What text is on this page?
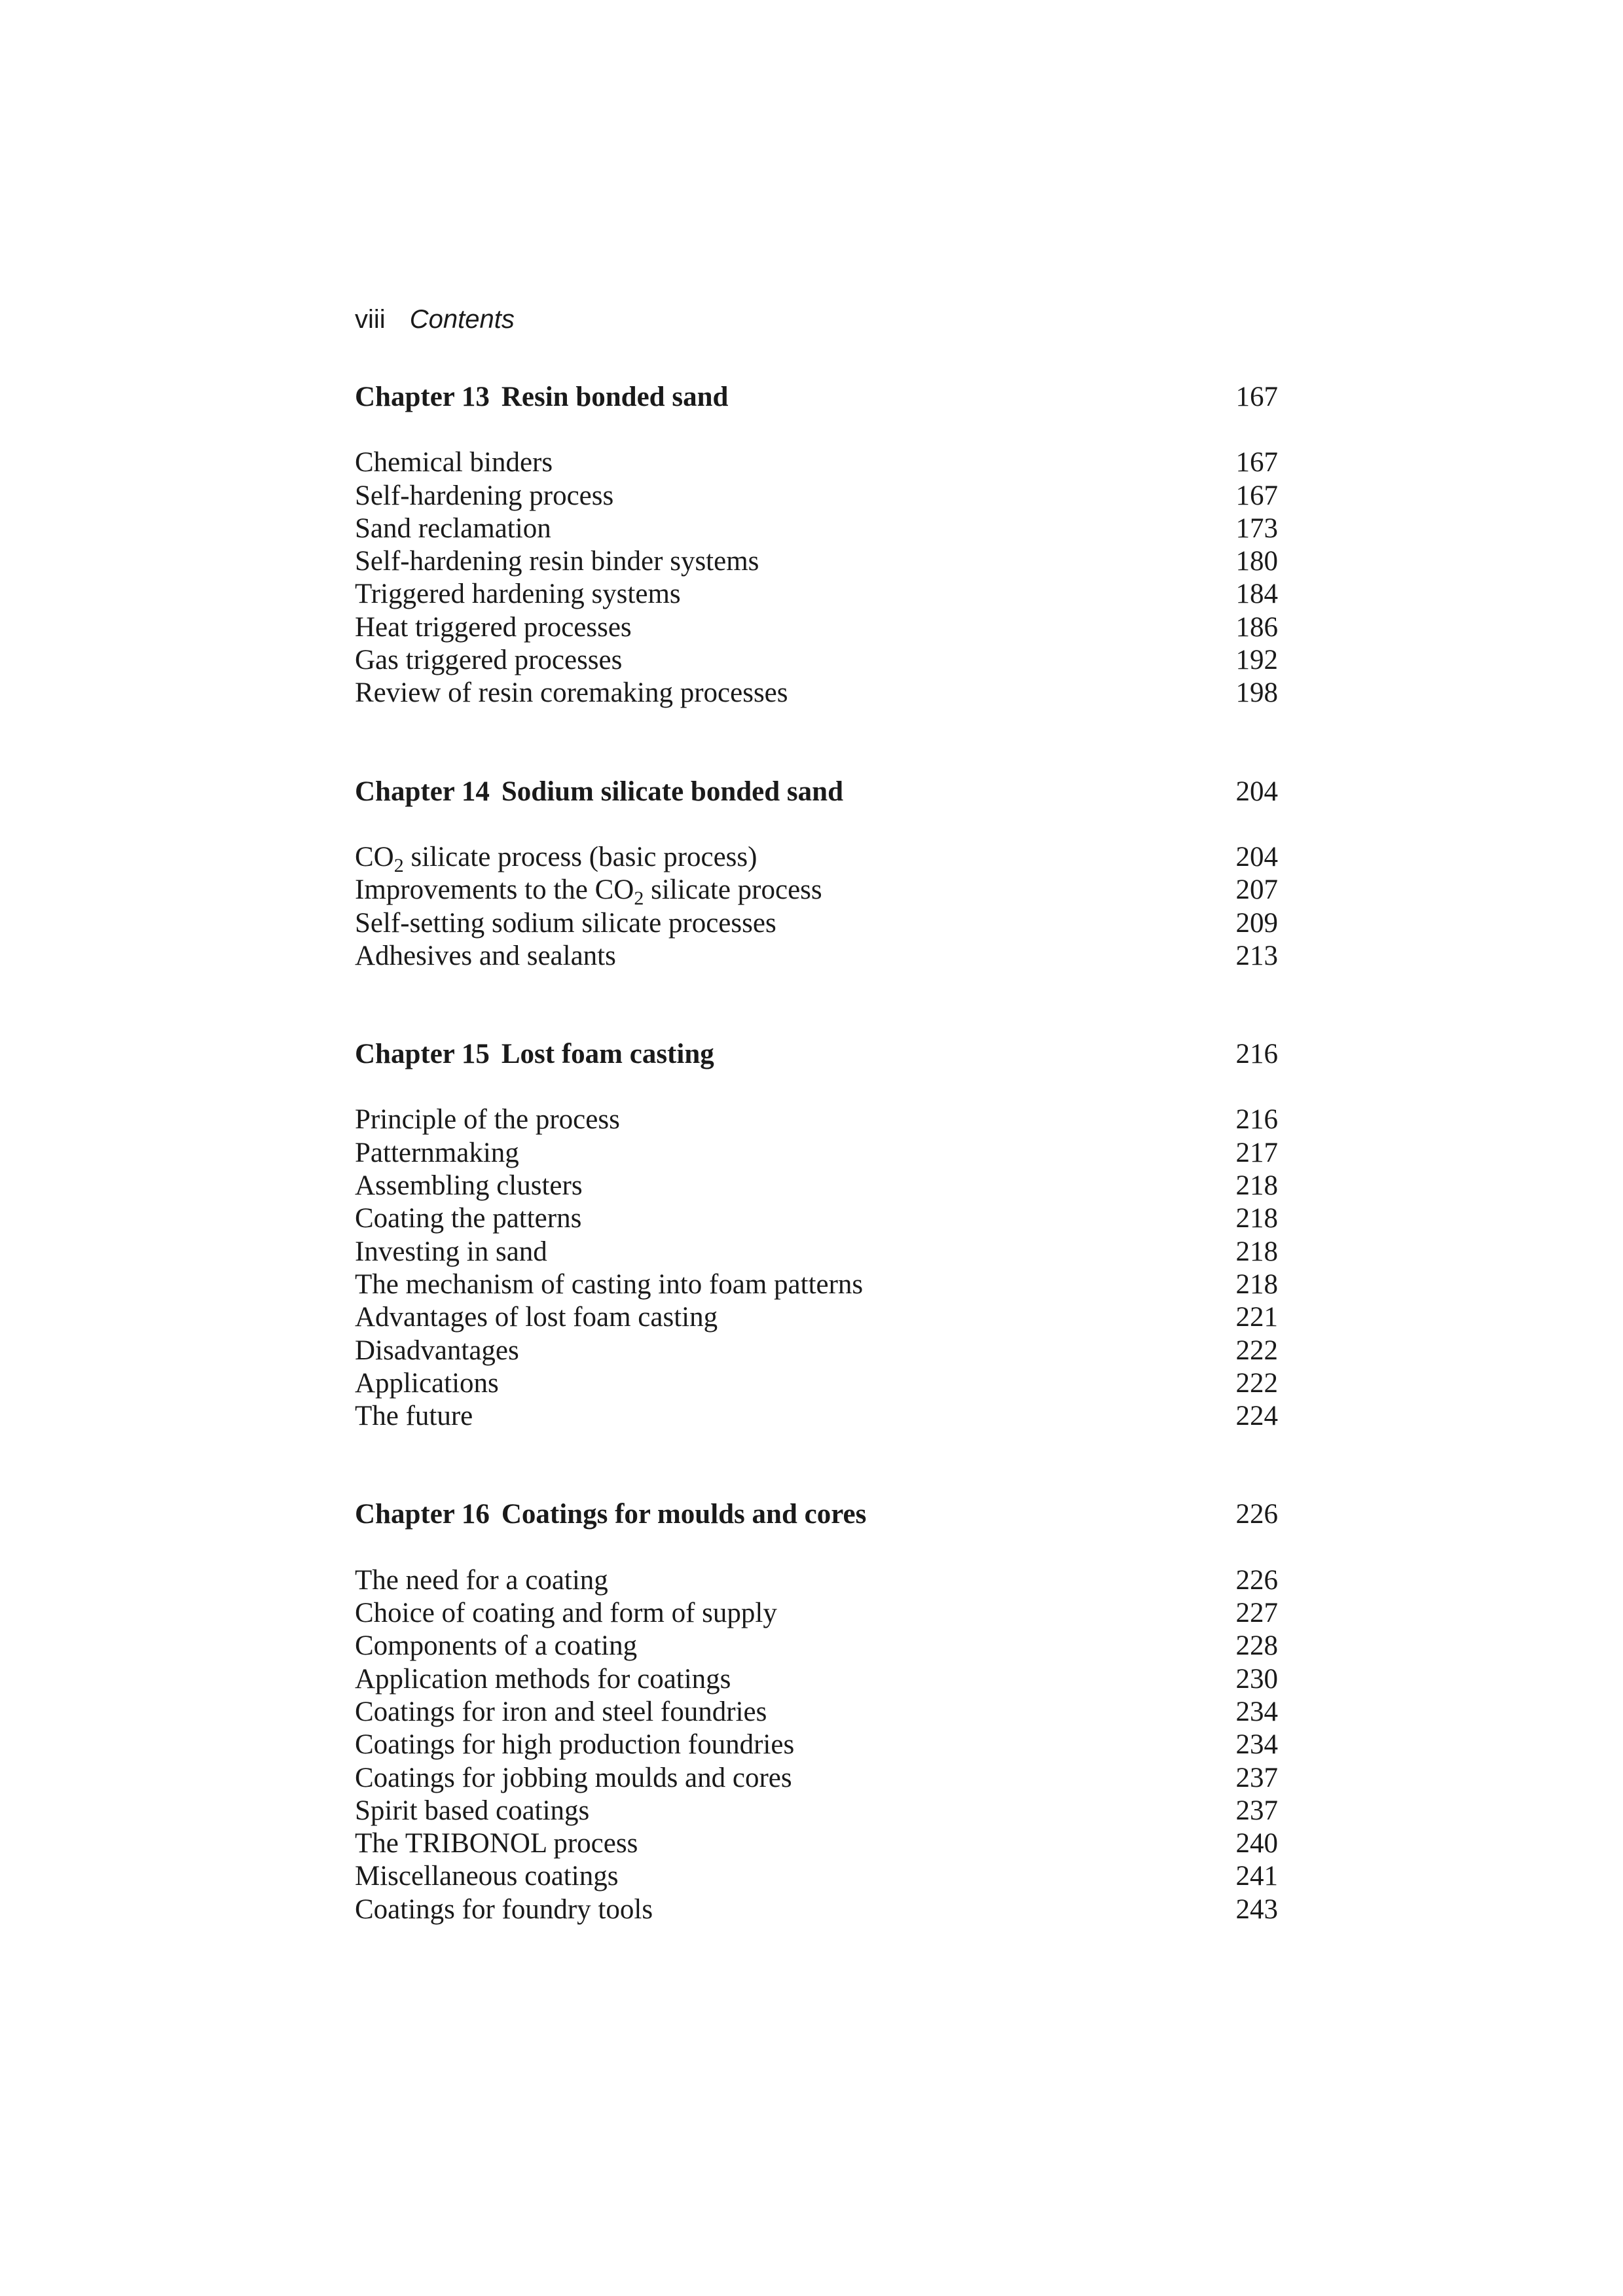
viii Contents
Chapter 13 Resin bonded sand	167
Chemical binders	167
Self-hardening process	167
Sand reclamation	173
Self-hardening resin binder systems	180
Triggered hardening systems	184
Heat triggered processes	186
Gas triggered processes	192
Review of resin coremaking processes	198
Chapter 14 Sodium silicate bonded sand	204
$CO_2$ silicate process (basic process)	204
Improvements to the $CO_2$ silicate process	207
Self-setting sodium silicate processes	209
Adhesives and sealants	213
Chapter 15 Lost foam casting	216
Principle of the process	216
Patternmaking	217
Assembling clusters	218
Coating the patterns	218
Investing in sand	218
The mechanism of casting into foam patterns	218
Advantages of lost foam casting	221
Disadvantages	222
Applications	222
The future	224
Chapter 16 Coatings for moulds and cores	226
The need for a coating	226
Choice of coating and form of supply	227
Components of a coating	228
Application methods for coatings	230
Coatings for iron and steel foundries	234
Coatings for high production foundries	234
Coatings for jobbing moulds and cores	237
Spirit based coatings	237
The TRIBONOL process	240
Miscellaneous coatings	241
Coatings for foundry tools	243
